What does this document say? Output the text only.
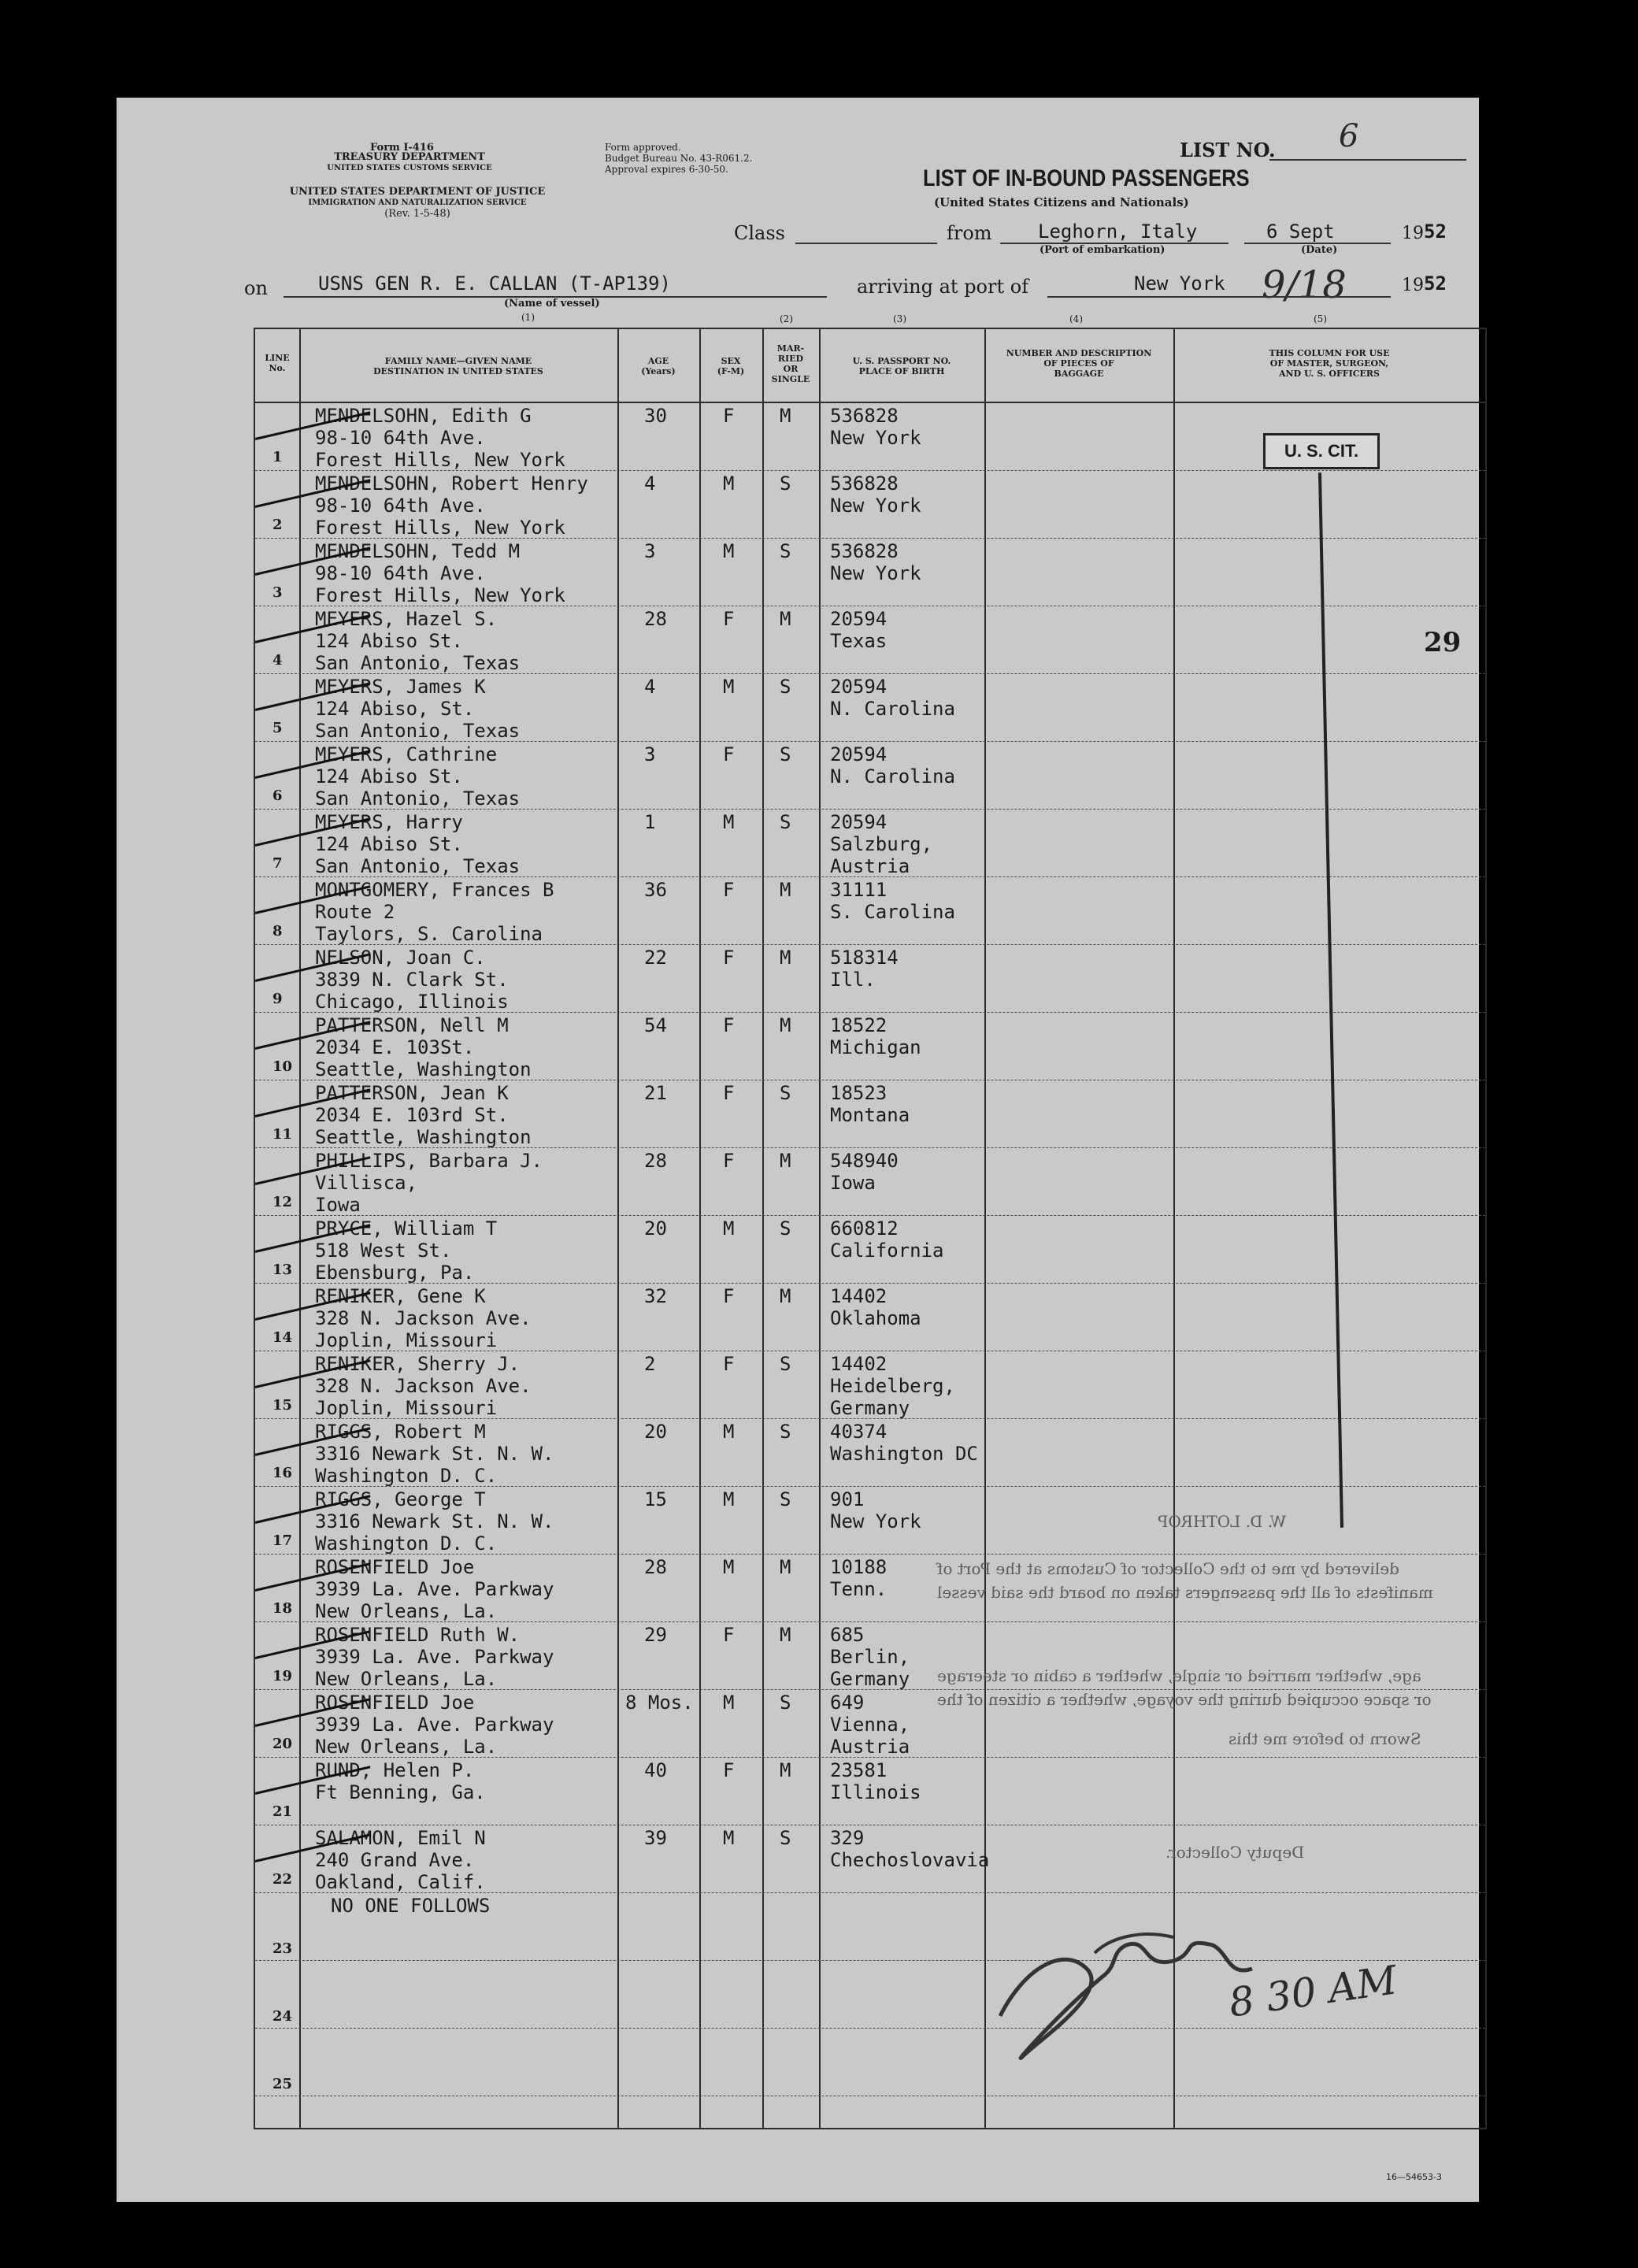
Form I-416
TREASURY DEPARTMENT
UNITED STATES CUSTOMS SERVICE
UNITED STATES DEPARTMENT OF JUSTICE
IMMIGRATION AND NATURALIZATION SERVICE
(Rev. 1-5-48)
Form approved.
Budget Bureau No. 43-R061.2.
Approval expires 6-30-50.
LIST NO. 6
LIST OF IN-BOUND PASSENGERS
(United States Citizens and Nationals)
Class	from Leghorn, Italy
(Port of embarkation)
6 Sept
(Date)
19 52
on	USNS GEN R. E. CALLAN (T-AP139)
(Name of vessel)
(1)
arriving at port of	New York 9/18	19 52
LINE No.
FAMILY NAME—GIVEN NAME
DESTINATION IN UNITED STATES
AGE
(Years)
SEX
(F-M)
MAR-
RIED
OR
SINGLE
U. S. PASSPORT NO.
PLACE OF BIRTH
NUMBER AND DESCRIPTION
OF PIECES OF
BAGGAGE
THIS COLUMN FOR USE
OF MASTER, SURGEON,
AND U. S. OFFICERS
1
MENDELSOHN, Edith G
98-10 64th Ave.
Forest Hills, New York
30	F M 536828
New York
2
MENDELSOHN, Robert Henry
98-10 64th Ave.
Forest Hills, New York
4	M S 536828
New York
3
MENDELSOHN, Tedd M
98-10 64th Ave.
Forest Hills, New York
3	M S 536828
New York
4
MEYERS, Hazel S.
124 Abiso St.
San Antonio, Texas
28	F M 20594
Texas
5
MEYERS, James K
124 Abiso, St.
San Antonio, Texas
4	M S 20594
N. Carolina
6
MEYERS, Cathrine
124 Abiso St.
San Antonio, Texas
3	F S 20594
N. Carolina
7
MEYERS, Harry
124 Abiso St.
San Antonio, Texas
1	M S 20594
Salzburg,
Austria
8
MONTGOMERY, Frances B
Route 2
Taylors, S. Carolina
36	F M 31111
S. Carolina
9
NELSON, Joan C.
3839 N. Clark St.
Chicago, Illinois
22	F M 518314
Ill.
10
PATTERSON, Nell M
2034 E. 103St.
Seattle, Washington
54	F M 18522
Michigan
11
PATTERSON, Jean K
2034 E. 103rd St.
Seattle, Washington
21	F S 18523
Montana
12
PHILLIPS, Barbara J.
Villisca,
Iowa
28	F M 548940
Iowa
13
PRYCE, William T
518 West St.
Ebensburg, Pa.
20	M S 660812
California
14
RENIKER, Gene K
328 N. Jackson Ave.
Joplin, Missouri
32	F M 14402
Oklahoma
15
RENIKER, Sherry J.
328 N. Jackson Ave.
Joplin, Missouri
2	F S 14402
Heidelberg,
Germany
16
RIGGS, Robert M
3316 Newark St. N. W.
Washington D. C.
20	M S 40374
Washington DC
17
RIGGS, George T
3316 Newark St. N. W.
Washington D. C.
15	M S 901
New York
18
ROSENFIELD Joe
3939 La. Ave. Parkway
New Orleans, La.
28	M M 10188
Tenn.
19
ROSENFIELD Ruth W.
3939 La. Ave. Parkway
New Orleans, La.
29	F M 685
Berlin,
Germany
20
ROSENFIELD Joe
3939 La. Ave. Parkway
New Orleans, La.
8 Mos. M S 649
Vienna,
Austria
21
RUND, Helen P.
Ft Benning, Ga.
40	F M 23581
Illinois
22
SALAMON, Emil N
240 Grand Ave.
Oakland, Calif.
39	M S 329
Chechoslovavia
23
24
25
(2)	(3)	(4)	(5)
NO ONE FOLLOWS
U. S. CIT.
29
W. D. LOTHROP
delivered by me to the Collector of Customs at the Port of
manifests of all the passengers taken on board the said vessel
age, whether married or single, whether a cabin or steerage
or space occupied during the voyage, whether a citizen of the
Sworn to before me this
Deputy Collector.
8 30 AM
16—54653-3
